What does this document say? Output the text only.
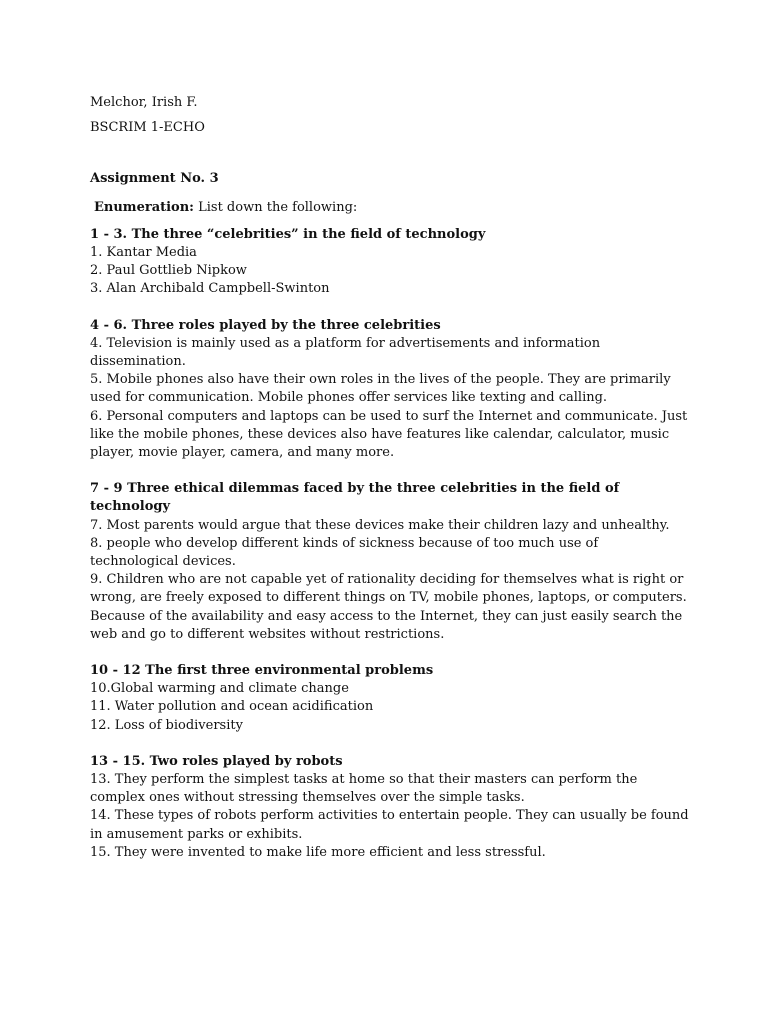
Melchor, Irish F.

BSCRIM 1-ECHO

Assignment No. 3

Enumeration: List down the following:

1 - 3. The three “celebrities” in the field of technology

1. Kantar Media

2. Paul Gottlieb Nipkow

3. Alan Archibald Campbell-Swinton

4 - 6. Three roles played by the three celebrities

4. Television is mainly used as a platform for advertisements and information dissemination.

5. Mobile phones also have their own roles in the lives of the people. They are primarily used for communication. Mobile phones offer services like texting and calling.

6. Personal computers and laptops can be used to surf the Internet and communicate. Just like the mobile phones, these devices also have features like calendar, calculator, music player, movie player, camera, and many more.

7 - 9 Three ethical dilemmas faced by the three celebrities in the field of technology

7. Most parents would argue that these devices make their children lazy and unhealthy.

8. people who develop different kinds of sickness because of too much use of technological devices.

9. Children who are not capable yet of rationality deciding for themselves what is right or wrong, are freely exposed to different things on TV, mobile phones, laptops, or computers. Because of the availability and easy access to the Internet, they can just easily search the web and go to different websites without restrictions.

10 - 12 The first three environmental problems

10.Global warming and climate change

11. Water pollution and ocean acidification

12. Loss of biodiversity

13 - 15. Two roles played by robots

13. They perform the simplest tasks at home so that their masters can perform the complex ones without stressing themselves over the simple tasks.

14. These types of robots perform activities to entertain people. They can usually be found in amusement parks or exhibits.

15. They were invented to make life more efficient and less stressful.
